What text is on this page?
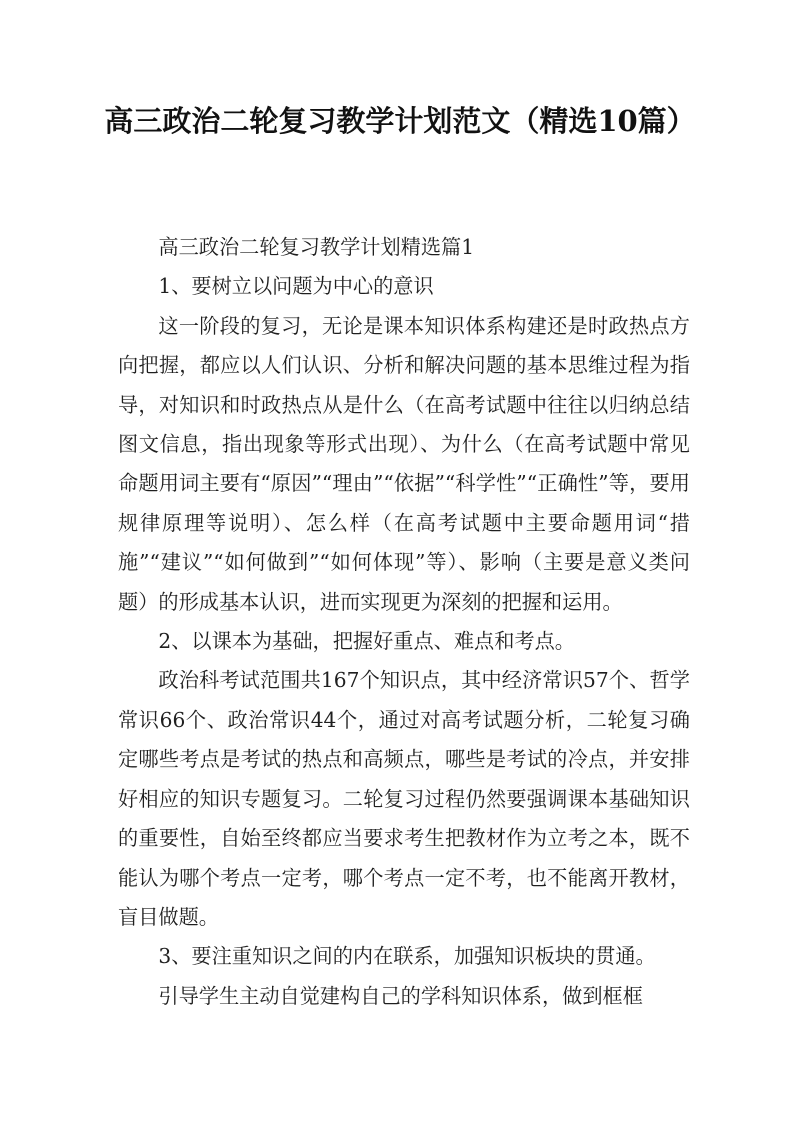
高三政治二轮复习教学计划范文（精选10篇）

高三政治二轮复习教学计划精选篇1

1、要树立以问题为中心的意识

这一阶段的复习，无论是课本知识体系构建还是时政热点方向把握，都应以人们认识、分析和解决问题的基本思维过程为指导，对知识和时政热点从是什么（在高考试题中往往以归纳总结图文信息，指出现象等形式出现）、为什么（在高考试题中常见命题用词主要有“原因”“理由”“依据”“科学性”“正确性”等，要用规律原理等说明）、怎么样（在高考试题中主要命题用词“措施”“建议”“如何做到”“如何体现”等）、影响（主要是意义类问题）的形成基本认识，进而实现更为深刻的把握和运用。

2、以课本为基础，把握好重点、难点和考点。

政治科考试范围共167个知识点，其中经济常识57个、哲学常识66个、政治常识44个，通过对高考试题分析，二轮复习确定哪些考点是考试的热点和高频点，哪些是考试的冷点，并安排好相应的知识专题复习。二轮复习过程仍然要强调课本基础知识的重要性，自始至终都应当要求考生把教材作为立考之本，既不能认为哪个考点一定考，哪个考点一定不考，也不能离开教材，盲目做题。

3、要注重知识之间的内在联系，加强知识板块的贯通。

引导学生主动自觉建构自己的学科知识体系，做到框框
